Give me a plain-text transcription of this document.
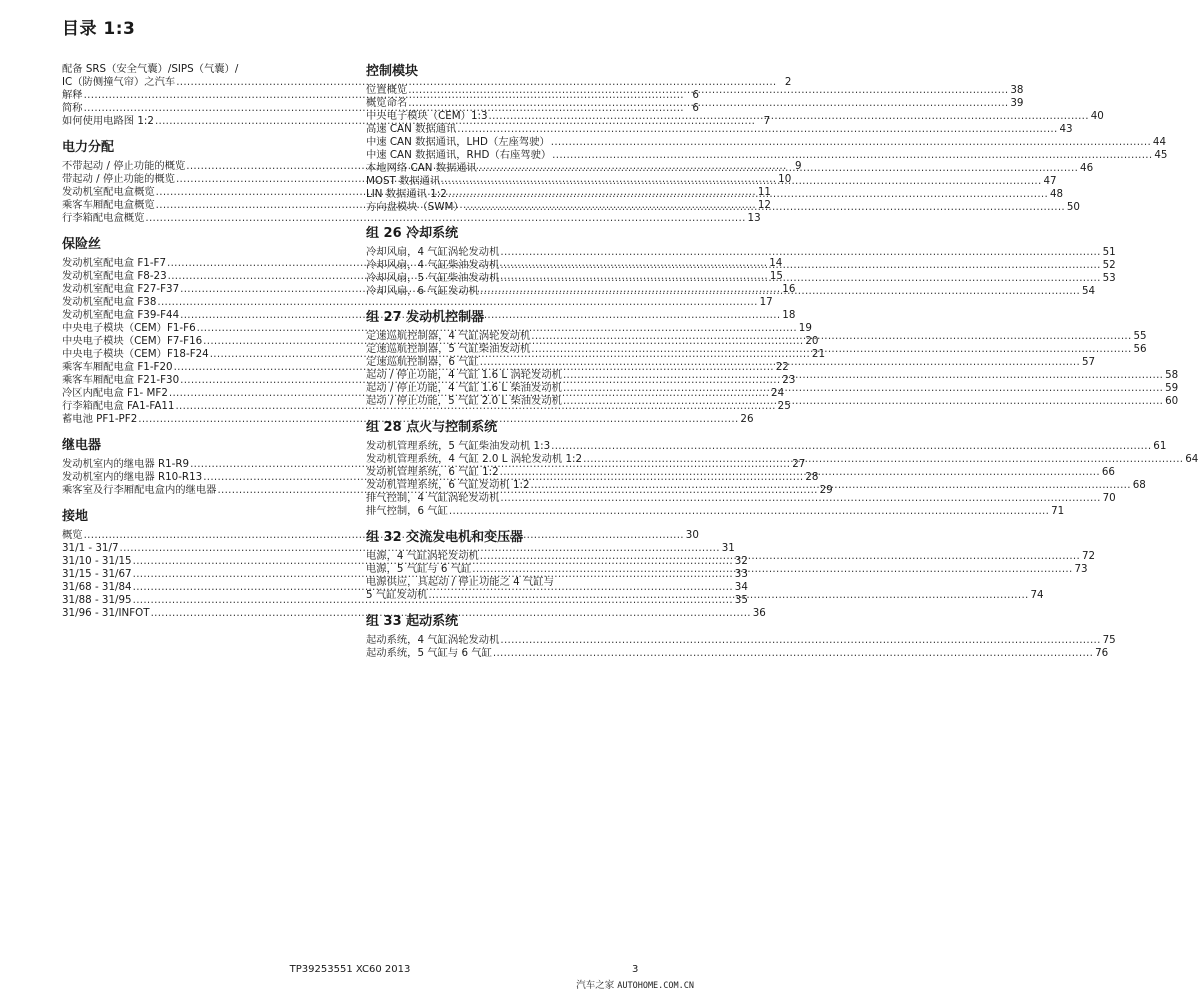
目录 1:3
配备 SRS（安全气囊）/SIPS（气囊）/
IC（防侧撞气帘）之汽车 .....	2
解释 .....	6
简称 .....	6
如何使用电路图 1:2 .....	7
电力分配
不带起动 / 停止功能的概览 .....	9
带起动 / 停止功能的概览 .....	10
发动机室配电盒概览 .....	11
乘客车厢配电盒概览 .....	12
行李箱配电盒概览 .....	13
保险丝
发动机室配电盒 F1-F7 .....	14
发动机室配电盒 F8-23 .....	15
发动机室配电盒 F27-F37 .....	16
发动机室配电盒 F38 .....	17
发动机室配电盒 F39-F44 .....	18
中央电子模块（CEM）F1-F6 .....	19
中央电子模块（CEM）F7-F16 .....	20
中央电子模块（CEM）F18-F24 .....	21
乘客车厢配电盒 F1-F20 .....	22
乘客车厢配电盒 F21-F30 .....	23
冷区内配电盒 F1- MF2 .....	24
行李箱配电盒 FA1-FA11 .....	25
蓄电池 PF1-PF2 .....	26
继电器
发动机室内的继电器 R1-R9 .....	27
发动机室内的继电器 R10-R13 .....	28
乘客室及行李厢配电盒内的继电器 .....	29
接地
概览 .....	30
31/1 - 31/7 .....	31
31/10 - 31/15 .....	32
31/15 - 31/67 .....	33
31/68 - 31/84 .....	34
31/88 - 31/95 .....	35
31/96 - 31/INFOT .....	36
控制模块
位置概览 .....	38
概览命名 .....	39
中央电子模块（CEM）1:3 .....	40
高速 CAN 数据通讯 .....	43
中速 CAN 数据通讯，LHD（左座驾驶） .....	44
中速 CAN 数据通讯，RHD（右座驾驶） .....	45
本地网络 CAN 数据通讯 .....	46
MOST 数据通讯 .....	47
LIN 数据通讯 1:2 .....	48
方向盘模块（SWM） .....	50
组 26 冷却系统
冷却风扇，4 气缸涡轮发动机 .....	51
冷却风扇，4 气缸柴油发动机 .....	52
冷却风扇，5 气缸柴油发动机 .....	53
冷却风扇，6 气缸发动机 .....	54
组 27 发动机控制器
定速巡航控制器，4 气缸涡轮发动机 .....	55
定速巡航控制器，5 气缸柴油发动机 .....	56
定速巡航控制器，6 气缸 .....	57
起动 / 停止功能，4 气缸 1.6 L 涡轮发动机 .....	58
起动 / 停止功能，4 气缸 1.6 L 柴油发动机 .....	59
起动 / 停止功能，5 气缸 2.0 L 柴油发动机 .....	60
组 28 点火与控制系统
发动机管理系统，5 气缸柴油发动机 1:3 .....	61
发动机管理系统，4 气缸 2.0 L 涡轮发动机 1:2 .....	64
发动机管理系统，6 气缸 1:2 .....	66
发动机管理系统，6 气缸发动机 1:2 .....	68
排气控制，4 气缸涡轮发动机 .....	70
排气控制，6 气缸 .....	71
组 32 交流发电机和变压器
电源，4 气缸涡轮发动机 .....	72
电源，5 气缸与 6 气缸 .....	73
电源供应，具起动 / 停止功能之 4 气缸与
5 气缸发动机 .....	74
组 33 起动系统
起动系统，4 气缸涡轮发动机 .....	75
起动系统，5 气缸与 6 气缸 .....	76
TP39253551 XC60 2013	3
汽车之家 AUTOHOME.COM.CN
